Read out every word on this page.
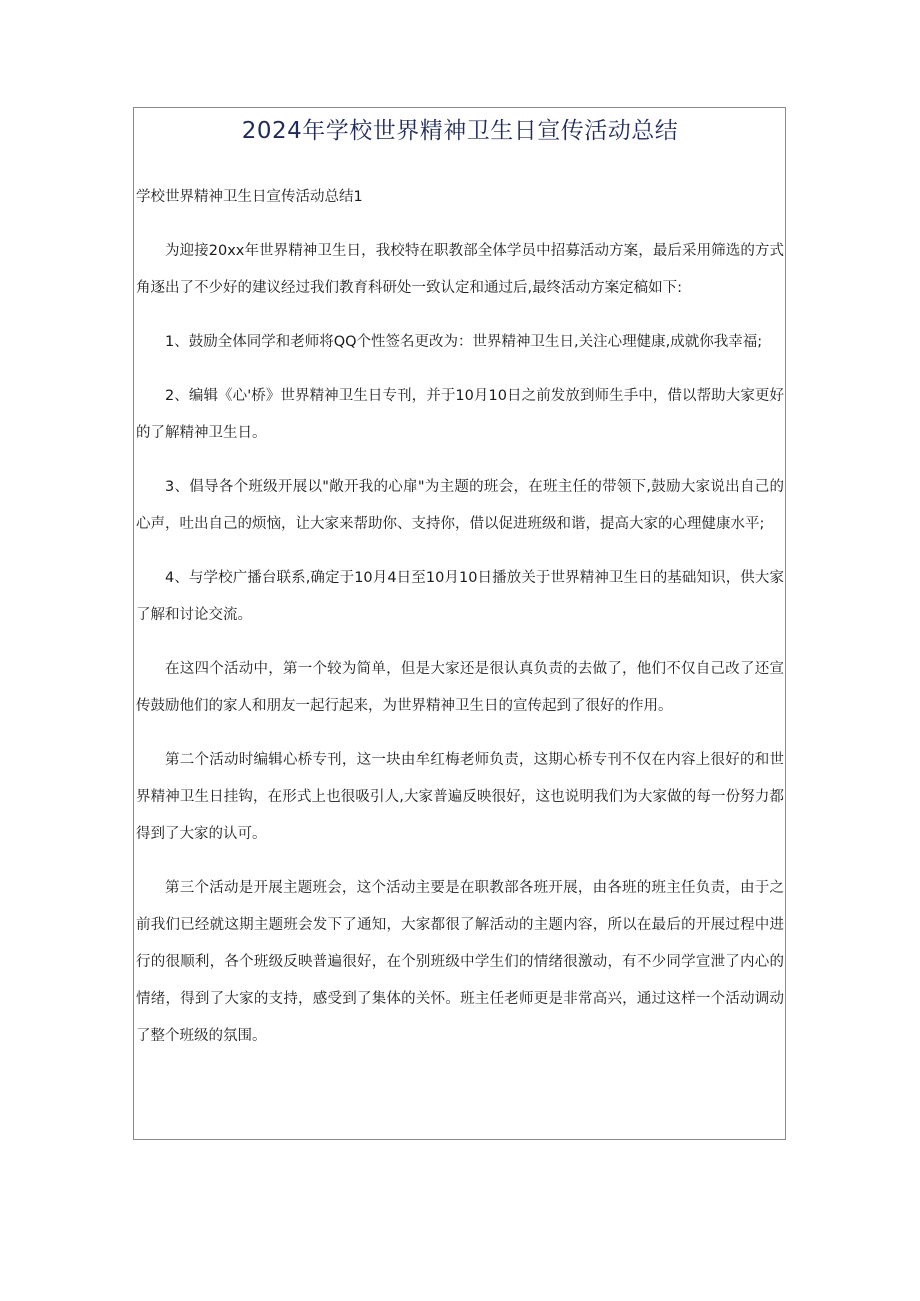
2024年学校世界精神卫生日宣传活动总结
学校世界精神卫生日宣传活动总结1

为迎接20xx年世界精神卫生日，我校特在职教部全体学员中招募活动方案，最后采用筛选的方式角逐出了不少好的建议经过我们教育科研处一致认定和通过后,最终活动方案定稿如下:

1、鼓励全体同学和老师将QQ个性签名更改为：世界精神卫生日,关注心理健康,成就你我幸福;

2、编辑《心'桥》世界精神卫生日专刊，并于10月10日之前发放到师生手中，借以帮助大家更好的了解精神卫生日。

3、倡导各个班级开展以"敞开我的心扉"为主题的班会，在班主任的带领下,鼓励大家说出自己的心声，吐出自己的烦恼，让大家来帮助你、支持你，借以促进班级和谐，提高大家的心理健康水平;

4、与学校广播台联系,确定于10月4日至10月10日播放关于世界精神卫生日的基础知识，供大家了解和讨论交流。

在这四个活动中，第一个较为简单，但是大家还是很认真负责的去做了，他们不仅自己改了还宣传鼓励他们的家人和朋友一起行起来，为世界精神卫生日的宣传起到了很好的作用。

第二个活动时编辑心桥专刊，这一块由牟红梅老师负责，这期心桥专刊不仅在内容上很好的和世界精神卫生日挂钩，在形式上也很吸引人,大家普遍反映很好，这也说明我们为大家做的每一份努力都得到了大家的认可。

第三个活动是开展主题班会，这个活动主要是在职教部各班开展，由各班的班主任负责，由于之前我们已经就这期主题班会发下了通知，大家都很了解活动的主题内容，所以在最后的开展过程中进行的很顺利，各个班级反映普遍很好，在个别班级中学生们的情绪很激动，有不少同学宣泄了内心的情绪，得到了大家的支持，感受到了集体的关怀。班主任老师更是非常高兴，通过这样一个活动调动了整个班级的氛围。
